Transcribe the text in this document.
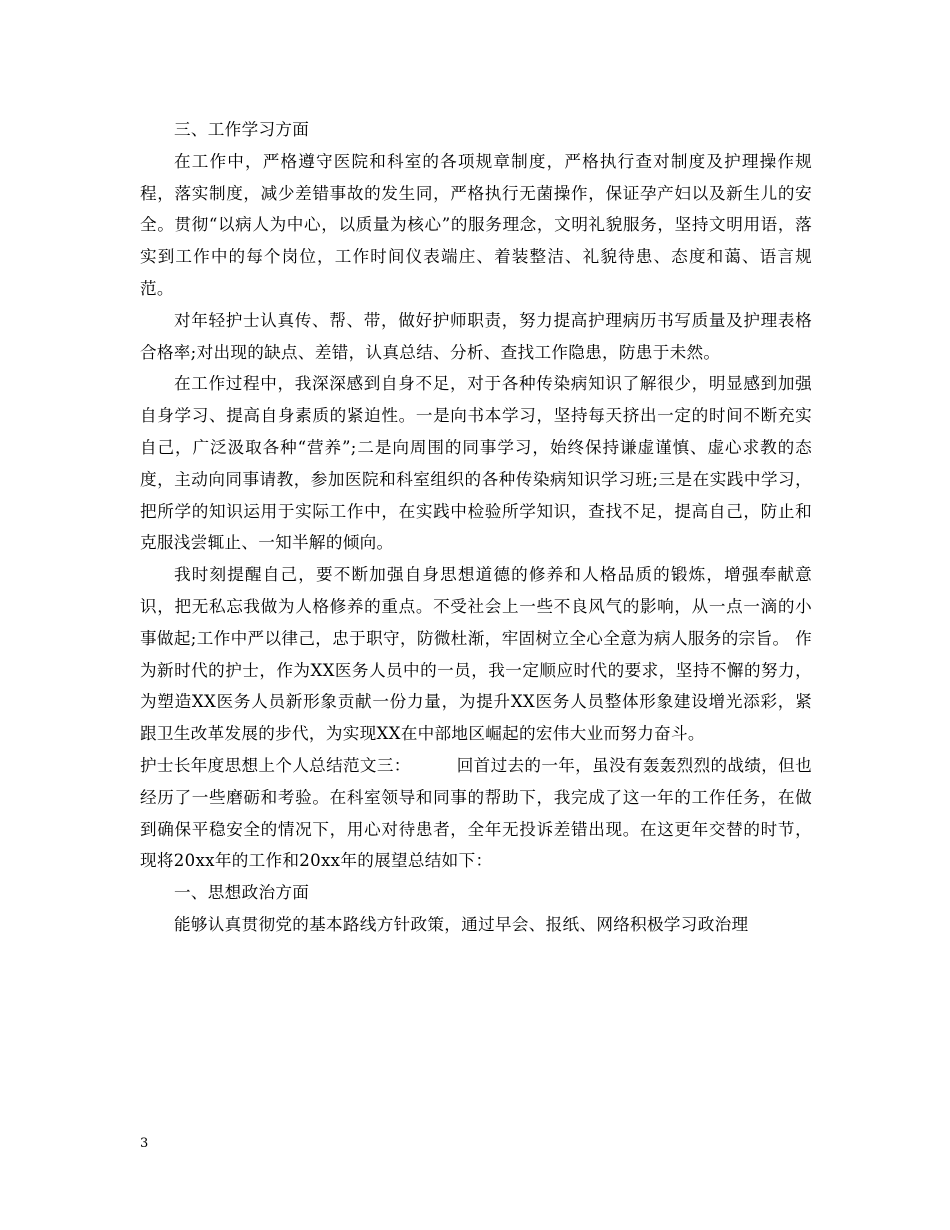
三、工作学习方面

在工作中，严格遵守医院和科室的各项规章制度，严格执行查对制度及护理操作规程，落实制度，减少差错事故的发生同，严格执行无菌操作，保证孕产妇以及新生儿的安全。贯彻“以病人为中心，以质量为核心”的服务理念，文明礼貌服务，坚持文明用语，落实到工作中的每个岗位，工作时间仪表端庄、着装整洁、礼貌待患、态度和蔼、语言规范。

对年轻护士认真传、帮、带，做好护师职责，努力提高护理病历书写质量及护理表格合格率;对出现的缺点、差错，认真总结、分析、查找工作隐患，防患于未然。

在工作过程中，我深深感到自身不足，对于各种传染病知识了解很少，明显感到加强自身学习、提高自身素质的紧迫性。一是向书本学习，坚持每天挤出一定的时间不断充实自己，广泛汲取各种“营养”;二是向周围的同事学习，始终保持谦虚谨慎、虚心求教的态度，主动向同事请教，参加医院和科室组织的各种传染病知识学习班;三是在实践中学习，把所学的知识运用于实际工作中，在实践中检验所学知识，查找不足，提高自己，防止和克服浅尝辄止、一知半解的倾向。

我时刻提醒自己，要不断加强自身思想道德的修养和人格品质的锻炼，增强奉献意识，把无私忘我做为人格修养的重点。不受社会上一些不良风气的影响，从一点一滴的小事做起;工作中严以律己，忠于职守，防微杜渐，牢固树立全心全意为病人服务的宗旨。 作为新时代的护士，作为XX医务人员中的一员，我一定顺应时代的要求，坚持不懈的努力，为塑造XX医务人员新形象贡献一份力量，为提升XX医务人员整体形象建设增光添彩，紧跟卫生改革发展的步代，为实现XX在中部地区崛起的宏伟大业而努力奋斗。

护士长年度思想上个人总结范文三：	回首过去的一年，虽没有轰轰烈烈的战绩，但也经历了一些磨砺和考验。在科室领导和同事的帮助下，我完成了这一年的工作任务，在做到确保平稳安全的情况下，用心对待患者，全年无投诉差错出现。在这更年交替的时节，现将20xx年的工作和20xx年的展望总结如下：

一、思想政治方面

能够认真贯彻党的基本路线方针政策，通过早会、报纸、网络积极学习政治理

3
